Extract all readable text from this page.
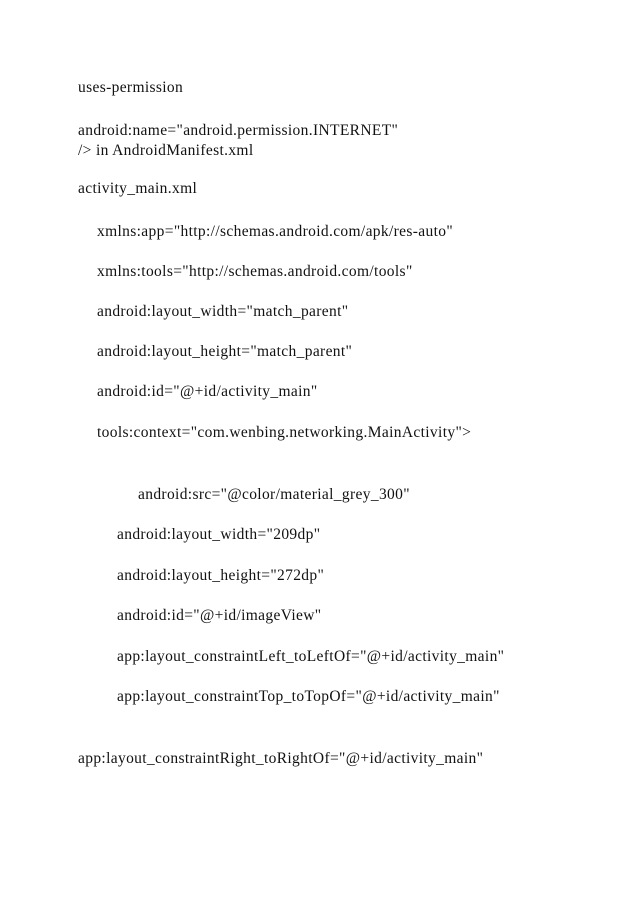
uses-permission
android:name="android.permission.INTERNET"
/> in AndroidManifest.xml
activity_main.xml
xmlns:app="http://schemas.android.com/apk/res-auto"
xmlns:tools="http://schemas.android.com/tools"
android:layout_width="match_parent"
android:layout_height="match_parent"
android:id="@+id/activity_main"
tools:context="com.wenbing.networking.MainActivity">
android:src="@color/material_grey_300"
android:layout_width="209dp"
android:layout_height="272dp"
android:id="@+id/imageView"
app:layout_constraintLeft_toLeftOf="@+id/activity_main"
app:layout_constraintTop_toTopOf="@+id/activity_main"
app:layout_constraintRight_toRightOf="@+id/activity_main"
